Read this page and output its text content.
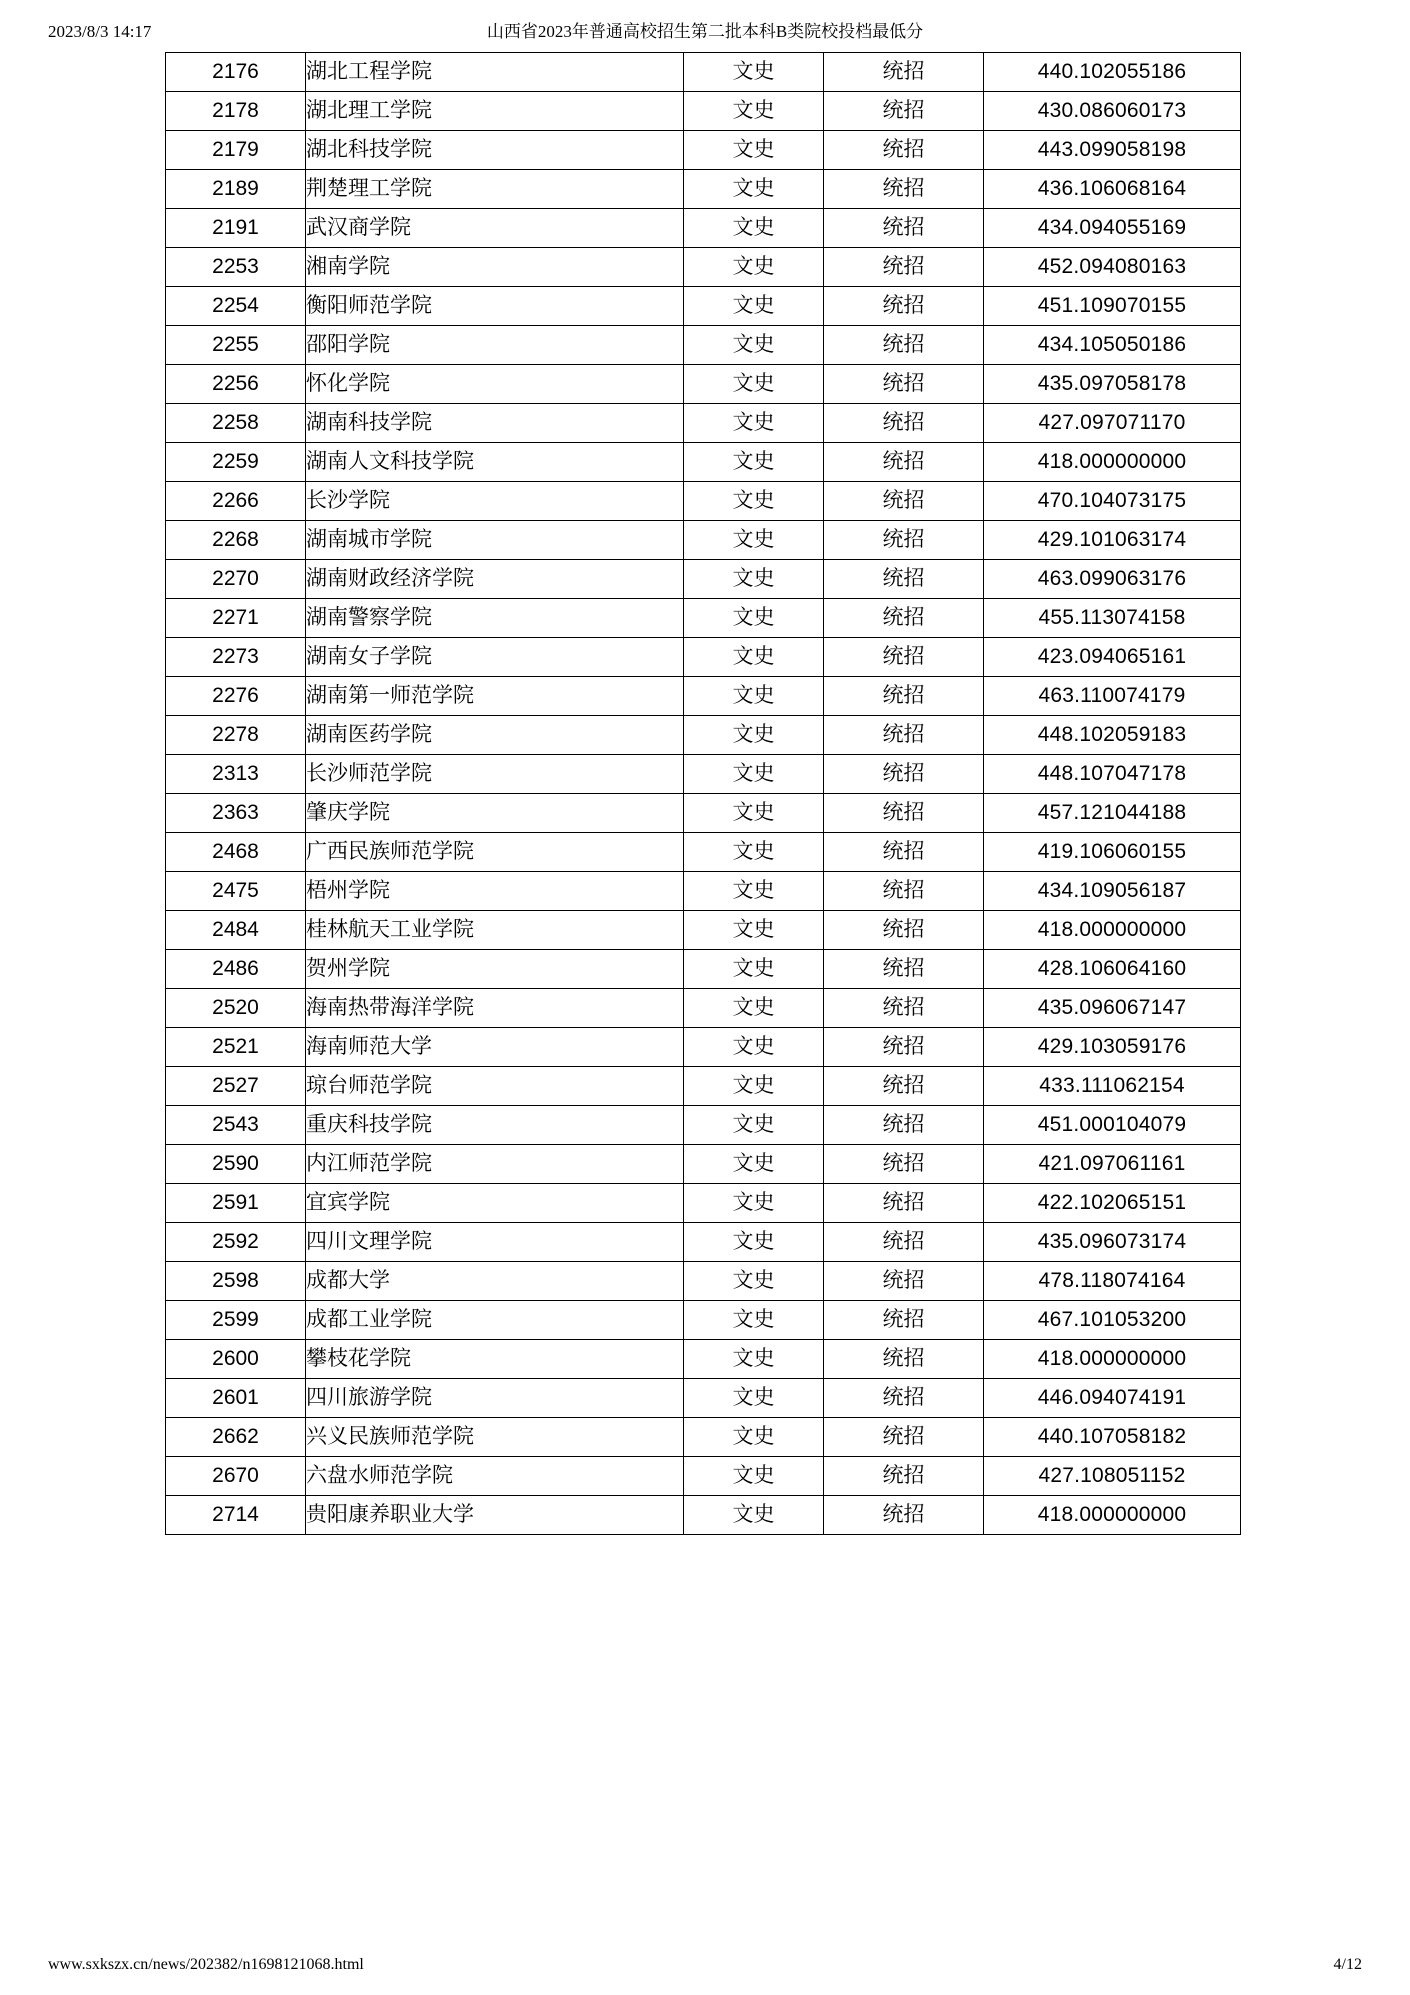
2023/8/3 14:17	山西省2023年普通高校招生第二批本科B类院校投档最低分
2176	湖北工程学院	文史	统招	440.102055186
2178	湖北理工学院	文史	统招	430.086060173
2179	湖北科技学院	文史	统招	443.099058198
2189	荆楚理工学院	文史	统招	436.106068164
2191	武汉商学院	文史	统招	434.094055169
2253	湘南学院	文史	统招	452.094080163
2254	衡阳师范学院	文史	统招	451.109070155
2255	邵阳学院	文史	统招	434.105050186
2256	怀化学院	文史	统招	435.097058178
2258	湖南科技学院	文史	统招	427.097071170
2259	湖南人文科技学院	文史	统招	418.000000000
2266	长沙学院	文史	统招	470.104073175
2268	湖南城市学院	文史	统招	429.101063174
2270	湖南财政经济学院	文史	统招	463.099063176
2271	湖南警察学院	文史	统招	455.113074158
2273	湖南女子学院	文史	统招	423.094065161
2276	湖南第一师范学院	文史	统招	463.110074179
2278	湖南医药学院	文史	统招	448.102059183
2313	长沙师范学院	文史	统招	448.107047178
2363	肇庆学院	文史	统招	457.121044188
2468	广西民族师范学院	文史	统招	419.106060155
2475	梧州学院	文史	统招	434.109056187
2484	桂林航天工业学院	文史	统招	418.000000000
2486	贺州学院	文史	统招	428.106064160
2520	海南热带海洋学院	文史	统招	435.096067147
2521	海南师范大学	文史	统招	429.103059176
2527	琼台师范学院	文史	统招	433.111062154
2543	重庆科技学院	文史	统招	451.000104079
2590	内江师范学院	文史	统招	421.097061161
2591	宜宾学院	文史	统招	422.102065151
2592	四川文理学院	文史	统招	435.096073174
2598	成都大学	文史	统招	478.118074164
2599	成都工业学院	文史	统招	467.101053200
2600	攀枝花学院	文史	统招	418.000000000
2601	四川旅游学院	文史	统招	446.094074191
2662	兴义民族师范学院	文史	统招	440.107058182
2670	六盘水师范学院	文史	统招	427.108051152
2714	贵阳康养职业大学	文史	统招	418.000000000
www.sxkszx.cn/news/202382/n1698121068.html	4/12
